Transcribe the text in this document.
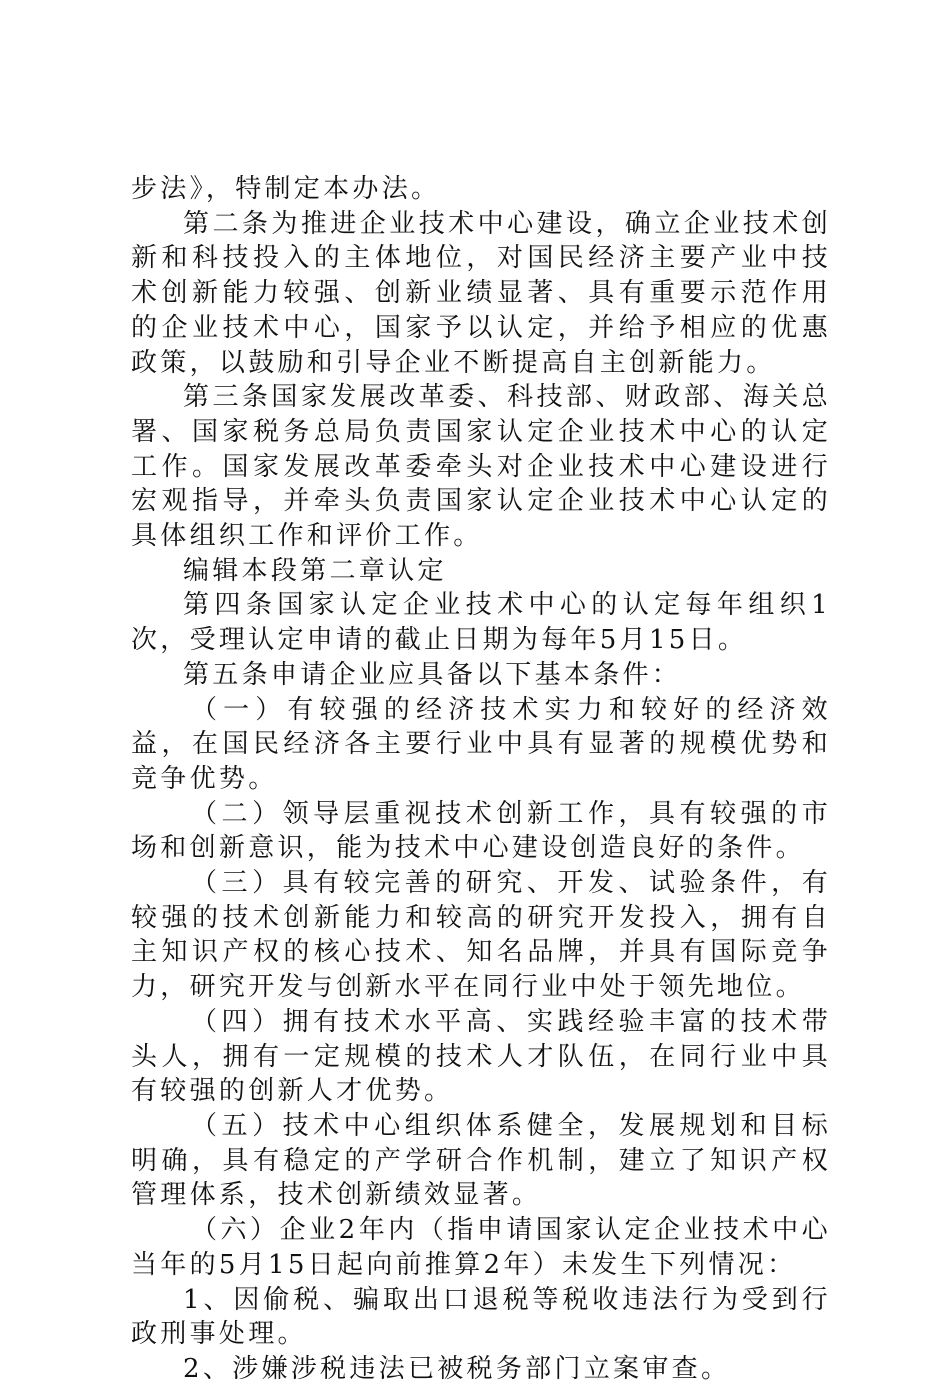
步法》，特制定本办法。

第二条为推进企业技术中心建设，确立企业技术创新和科技投入的主体地位，对国民经济主要产业中技术创新能力较强、创新业绩显著、具有重要示范作用的企业技术中心，国家予以认定，并给予相应的优惠政策，以鼓励和引导企业不断提高自主创新能力。

第三条国家发展改革委、科技部、财政部、海关总署、国家税务总局负责国家认定企业技术中心的认定工作。国家发展改革委牵头对企业技术中心建设进行宏观指导，并牵头负责国家认定企业技术中心认定的具体组织工作和评价工作。

编辑本段第二章认定

第四条国家认定企业技术中心的认定每年组织1次，受理认定申请的截止日期为每年5月15日。

第五条申请企业应具备以下基本条件：

（一）有较强的经济技术实力和较好的经济效益，在国民经济各主要行业中具有显著的规模优势和竞争优势。

（二）领导层重视技术创新工作，具有较强的市场和创新意识，能为技术中心建设创造良好的条件。

（三）具有较完善的研究、开发、试验条件，有较强的技术创新能力和较高的研究开发投入，拥有自主知识产权的核心技术、知名品牌，并具有国际竞争力，研究开发与创新水平在同行业中处于领先地位。

（四）拥有技术水平高、实践经验丰富的技术带头人，拥有一定规模的技术人才队伍，在同行业中具有较强的创新人才优势。

（五）技术中心组织体系健全，发展规划和目标明确，具有稳定的产学研合作机制，建立了知识产权管理体系，技术创新绩效显著。

（六）企业2年内（指申请国家认定企业技术中心当年的5月15日起向前推算2年）未发生下列情况：

1、因偷税、骗取出口退税等税收违法行为受到行政刑事处理。

2、涉嫌涉税违法已被税务部门立案审查。
